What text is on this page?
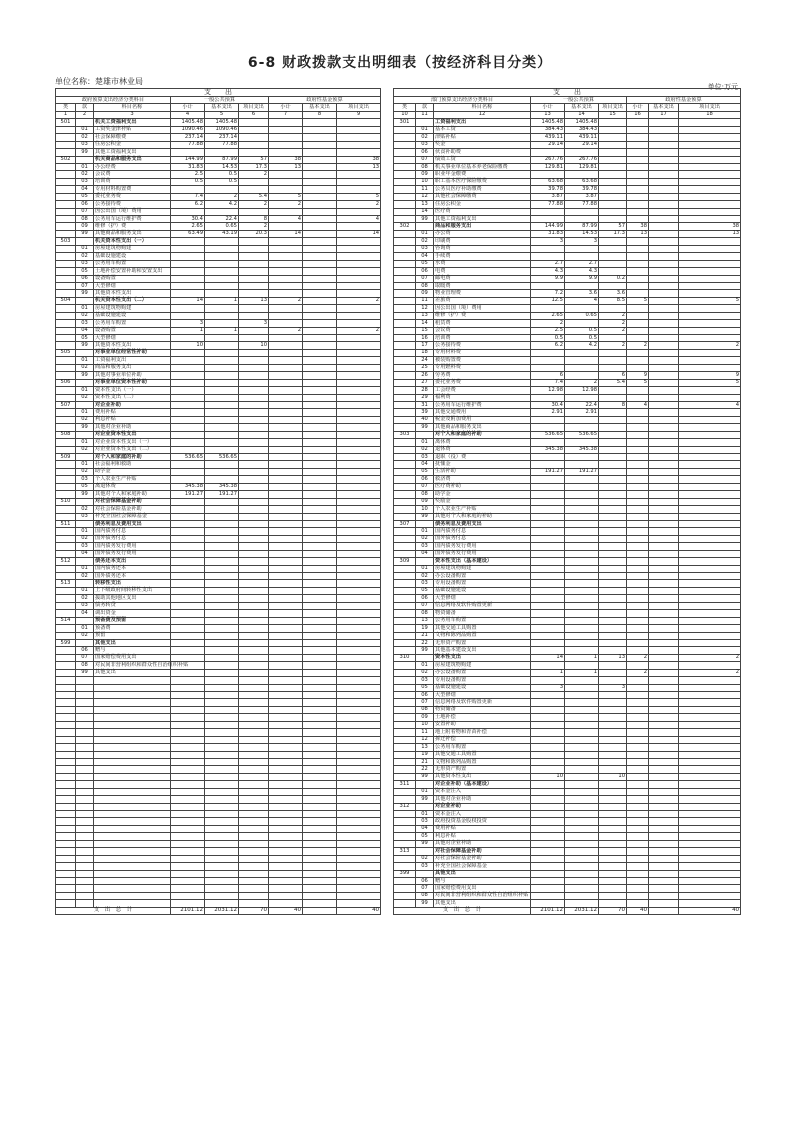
6-8 财政拨款支出明细表（按经济科目分类）
单位名称：楚雄市林业局
单位:万元
支　　出								
政府预算支出经济分类科目			一般公共预算			政府性基金预算		
类	款	科目名称	小计	基本支出	项目支出	小计	基本支出	项目支出
1	2	3	4	5	6	7	8	9
501		机关工资福利支出	1405.48	1405.48				
	01	工资奖金津补贴	1090.46	1090.46				
	02	社会保障缴费	237.14	237.14				
	03	住房公积金	77.88	77.88				
	99	其他工资福利支出						
502		机关商品和服务支出	144.99	87.99	57	38		38
	01	办公经费	31.83	14.53	17.3	13		13
	02	会议费	2.5	0.5	2			
	03	培训费	0.5	0.5				
	04	专用材料购置费						
	05	委托业务费	7.4	2	5.4	5		5
	06	公务接待费	6.2	4.2	2	2		2
	07	因公出国（境）费用						
	08	公务用车运行维护费	30.4	22.4	8	4		4
	09	维修（护）费	2.65	0.65	2			
	99	其他商品和服务支出	63.49	43.19	20.3	14		14
503		机关资本性支出（一）						
	01	房屋建筑物购建						
	02	基础设施建设						
	03	公务用车购置						
	05	土地补偿安置补助和安置支出						
	06	设备购置						
	07	大型修缮						
	99	其他资本性支出						
504		机关资本性支出（二）	14	1	13	2		2
	01	房屋建筑物购建						
	02	基础设施建设						
	03	公务用车购置	3		3			
	04	设备购置	1	1		2		2
	05	大型修缮						
	99	其他资本性支出	10		10			
505		对事业单位经常性补助						
	01	工资福利支出						
	02	商品和服务支出						
	99	其他对事业单位补助						
506		对事业单位资本性补助						
	01	资本性支出（一）						
	02	资本性支出（二）						
507		对企业补助						
	01	费用补贴						
	02	利息补贴						
	99	其他对企业补助						
508		对企业资本性支出						
	01	对企业资本性支出（一）						
	02	对企业资本性支出（二）						
509		对个人和家庭的补助	536.65	536.65				
	01	社会福利和救助						
	02	助学金						
	03	个人农业生产补贴						
	05	离退休费	345.38	345.38				
	99	其他对个人和家庭补助	191.27	191.27				
510		对社会保障基金补助						
	02	对社会保险基金补助						
	03	补充全国社会保障基金						
511		债务利息及费用支出						
	01	国内债务付息						
	02	国外债务付息						
	03	国内债务发行费用						
	04	国外债务发行费用						
512		债务还本支出						
	01	国内债务还本						
	02	国外债务还本						
513		转移性支出						
	01	上下级政府间转移性支出						
	02	援助其他地区支出						
	03	债务转贷						
	04	调出资金						
514		预备费及预留						
	01	预备费						
	02	预留						
599		其他支出						
	06	赠与						
	07	国家赔偿费用支出						
	08	对民间非营利组织和群众性自治组织补贴						
	99	其他支出						

支　出　总　计			2101.12	2031.12	70	40		40
支　　出								
部门预算支出经济分类科目			一般公共预算			政府性基金预算		
类	款	科目名称	小计	基本支出	项目支出	小计	基本支出	项目支出
10	11	12	13	14	15	16	17	18
301		工资福利支出	1405.48	1405.48				
	01	基本工资	384.43	384.43				
	02	津贴补贴	439.11	439.11				
	03	奖金	29.14	29.14				
	06	伙食补助费						
	07	绩效工资	267.76	267.76				
	08	机关事业单位基本养老保险缴费	129.81	129.81				
	09	职业年金缴费						
	10	职工基本医疗保险缴费	63.68	63.68				
	11	公务员医疗补助缴费	39.78	39.78				
	12	其他社会保障缴费	3.87	3.87				
	13	住房公积金	77.88	77.88				
	14	医疗费						
	99	其他工资福利支出						
302		商品和服务支出	144.99	87.99	57	38		38
	01	办公费	31.83	14.53	17.3	13		13
	02	印刷费	3	3				
	03	咨询费						
	04	手续费						
	05	水费	2.7	2.7				
	06	电费	4.3	4.3				
	07	邮电费	9.9	9.9	0.2			
	08	取暖费						
	09	物业管理费	7.2	3.6	3.6			
	11	差旅费	12.5	4	8.5	5		5
	12	因公出国（境）费用						
	13	维修（护）费	2.65	0.65	2			
	14	租赁费	2		2			
	15	会议费	2.5	0.5	2			
	16	培训费	0.5	0.5				
	17	公务接待费	6.2	4.2	2	2		2
	18	专用材料费						
	24	被装购置费						
	25	专用燃料费						
	26	劳务费	6		6	9		9
	27	委托业务费	7.4	2	5.4	5		5
	28	工会经费	12.98	12.98				
	29	福利费						
	31	公务用车运行维护费	30.4	22.4	8	4		4
	39	其他交通费用	2.91	2.91				
	40	税金及附加费用						
	99	其他商品和服务支出						
303		对个人和家庭的补助	536.65	536.65				
	01	离休费						
	02	退休费	345.38	345.38				
	03	退职（役）费						
	04	抚恤金						
	05	生活补助	191.27	191.27				
	06	救济费						
	07	医疗费补助						
	08	助学金						
	09	奖励金						
	10	个人农业生产补贴						
	99	其他对个人和家庭的补助						
307		债务利息及费用支出						
	01	国内债务付息						
	02	国外债务付息						
	03	国内债务发行费用						
	04	国外债务发行费用						
309		资本性支出（基本建设）						
	01	房屋建筑物购建						
	02	办公设备购置						
	03	专用设备购置						
	05	基础设施建设						
	06	大型修缮						
	07	信息网络及软件购置更新						
	08	物资储备						
	13	公务用车购置						
	19	其他交通工具购置						
	21	文物和陈列品购置						
	22	无形资产购置						
	99	其他基本建设支出						
310		资本性支出	14	1	13	2		2
	01	房屋建筑物购建						
	02	办公设备购置	1	1		2		2
	03	专用设备购置						
	05	基础设施建设	3		3			
	06	大型修缮						
	07	信息网络及软件购置更新						
	08	物资储备						
	09	土地补偿						
	10	安置补助						
	11	地上附着物和青苗补偿						
	12	拆迁补偿						
	13	公务用车购置						
	19	其他交通工具购置						
	21	文物和陈列品购置						
	22	无形资产购置						
	99	其他资本性支出	10		10			
311		对企业补助（基本建设）						
	01	资本金注入						
	99	其他对企业补助						
312		对企业补助						
	01	资本金注入						
	03	政府投资基金股权投资						
	04	费用补贴						
	05	利息补贴						
	99	其他对企业补助						
313		对社会保障基金补助						
	02	对社会保险基金补助						
	03	补充全国社会保障基金						
399		其他支出						
	06	赠与						
	07	国家赔偿费用支出						
	08	对民间非营利组织和群众性自治组织补贴						
	99	其他支出						
支　出　总　计			2101.12	2031.12	70	40		40
